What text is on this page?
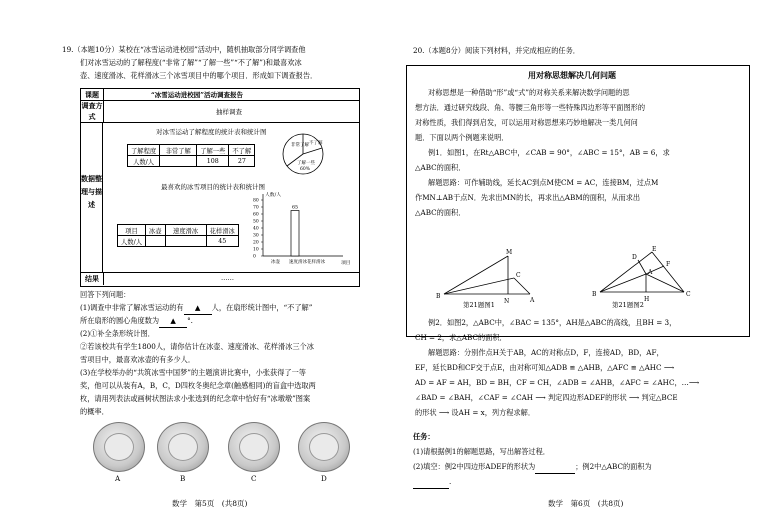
19.（本题10分）某校在“冰雪运动进校园”活动中，随机抽取部分同学调查他
们对冰雪运动的了解程度(“非常了解”“了解一些”“不了解”)和最喜欢冰
壶、速度滑冰、花样滑冰三个冰雪项目中的哪个项目．形成如下调查报告．
课题	“冰雪运动进校园”活动调查报告
调查方式	抽样调查
数据整理与描述
对冰雪运动了解程度的统计表和统计图
了解程度	非常了解	了解一些	不了解
人数/人		108	27
非常了解 不了解
了解一些
60%
最喜欢的冰雪项目的统计表和统计图
项目	冰壶	速度滑冰	花样滑冰
人数/人			45
人数/人
项目
0
10
20
30
40
50
60
70
80
冰壶 速度滑冰
65
花样滑冰
结果	……
回答下列问题：
(1)调查中非常了解冰雪运动的有 ▲ 人，在扇形统计图中，“不了解”
所在扇形的圆心角度数为 ▲ °.
(2)①补全条形统计图．
②若该校共有学生1800人，请你估计在冰壶、速度滑冰、花样滑冰三个冰
雪项目中，最喜欢冰壶的有多少人．
(3)在学校举办的“共筑冰雪中国梦”的主题演讲比赛中，小张获得了一等
奖，他可以从装有A，B，C，D四枚冬奥纪念章(触感相同)的盲盒中选取两
枚，请用列表法或画树状图法求小张选到的纪念章中恰好有“冰墩墩”图案
的概率．
A	B	C	D
数学　第5页　(共8页)
20.（本题8分）阅读下列材料，并完成相应的任务．
用对称思想解决几何问题
对称思想是一种借助“形”或“式”的对称关系来解决数学问题的思
想方法．通过研究线段、角、等腰三角形等一些特殊四边形等平面图形的
对称性质，我们得到启发，可以运用对称思想来巧妙地解决一类几何问
题．下面以两个例题来说明．
例1．如图1，在Rt△ABC中，∠CAB = 90°，∠ABC = 15°，AB = 6，求
△ABC的面积．
解题思路：可作辅助线，延长AC到点M使CM = AC，连接BM，过点M
作MN⊥AB于点N．先求出MN的长，再求出△ABM的面积，从而求出
△ABC的面积．
M
C
N	A
B
E
D
F
A
B
H
C
第21题图1	第21题图2
例2．如图2，△ABC中，∠BAC = 135°，AH是△ABC的高线，且BH = 3，
CH = 2，求△ABC的面积．
解题思路：分别作点H关于AB，AC的对称点D，F，连接AD，BD，AF，
EF，延长BD和CF交于点E，由对称可知△ADB ≌ △AHB，△AFC ≌ △AHC ⟶
AD = AF = AH，BD = BH，CF = CH，∠ADB = ∠AHB，∠AFC = ∠AHC，…⟶
∠BAD = ∠BAH，∠CAF = ∠CAH ⟶ 判定四边形ADEF的形状 ⟶ 判定△BCE
的形状 ⟶ 设AH = x，列方程求解．
任务：
(1)请根据例1的解题思路，写出解答过程．
(2)填空：例2中四边形ADEF的形状为	；例2中△ABC的面积为
.
数学　第6页　(共8页)
